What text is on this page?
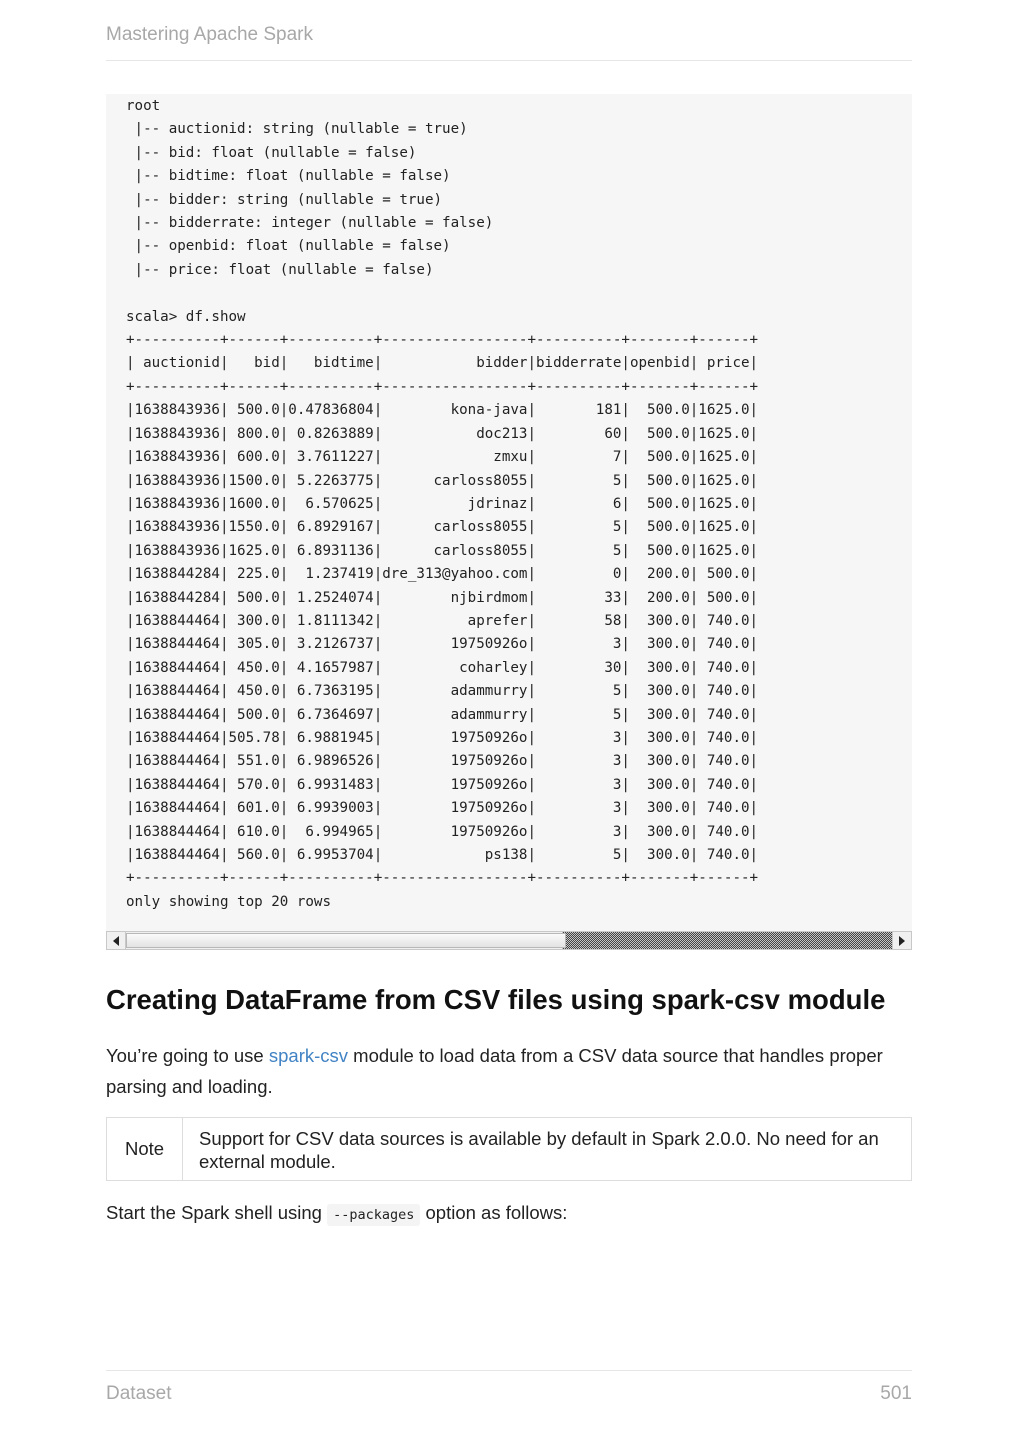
Mastering Apache Spark
root
|-- auctionid: string (nullable = true)
|-- bid: float (nullable = false)
|-- bidtime: float (nullable = false)
|-- bidder: string (nullable = true)
|-- bidderrate: integer (nullable = false)
|-- openbid: float (nullable = false)
|-- price: float (nullable = false)

scala> df.show
+----------+------+----------+-----------------+----------+-------+------+
| auctionid|   bid|   bidtime|           bidder|bidderrate|openbid| price|
+----------+------+----------+-----------------+----------+-------+------+
|1638843936| 500.0|0.47836804|        kona-java|       181|  500.0|1625.0|
|1638843936| 800.0| 0.8263889|           doc213|        60|  500.0|1625.0|
|1638843936| 600.0| 3.7611227|             zmxu|         7|  500.0|1625.0|
|1638843936|1500.0| 5.2263775|      carloss8055|         5|  500.0|1625.0|
|1638843936|1600.0|  6.570625|          jdrinaz|         6|  500.0|1625.0|
|1638843936|1550.0| 6.8929167|      carloss8055|         5|  500.0|1625.0|
|1638843936|1625.0| 6.8931136|      carloss8055|         5|  500.0|1625.0|
|1638844284| 225.0|  1.237419|dre_313@yahoo.com|         0|  200.0| 500.0|
|1638844284| 500.0| 1.2524074|        njbirdmom|        33|  200.0| 500.0|
|1638844464| 300.0| 1.8111342|          aprefer|        58|  300.0| 740.0|
|1638844464| 305.0| 3.2126737|        19750926o|         3|  300.0| 740.0|
|1638844464| 450.0| 4.1657987|         coharley|        30|  300.0| 740.0|
|1638844464| 450.0| 6.7363195|        adammurry|         5|  300.0| 740.0|
|1638844464| 500.0| 6.7364697|        adammurry|         5|  300.0| 740.0|
|1638844464|505.78| 6.9881945|        19750926o|         3|  300.0| 740.0|
|1638844464| 551.0| 6.9896526|        19750926o|         3|  300.0| 740.0|
|1638844464| 570.0| 6.9931483|        19750926o|         3|  300.0| 740.0|
|1638844464| 601.0| 6.9939003|        19750926o|         3|  300.0| 740.0|
|1638844464| 610.0|  6.994965|        19750926o|         3|  300.0| 740.0|
|1638844464| 560.0| 6.9953704|            ps138|         5|  300.0| 740.0|
+----------+------+----------+-----------------+----------+-------+------+
only showing top 20 rows
Creating DataFrame from CSV files using spark-csv module
You’re going to use spark-csv module to load data from a CSV data source that handles proper parsing and loading.
Note	Support for CSV data sources is available by default in Spark 2.0.0. No need for an external module.
Start the Spark shell using --packages option as follows:
Dataset	501
